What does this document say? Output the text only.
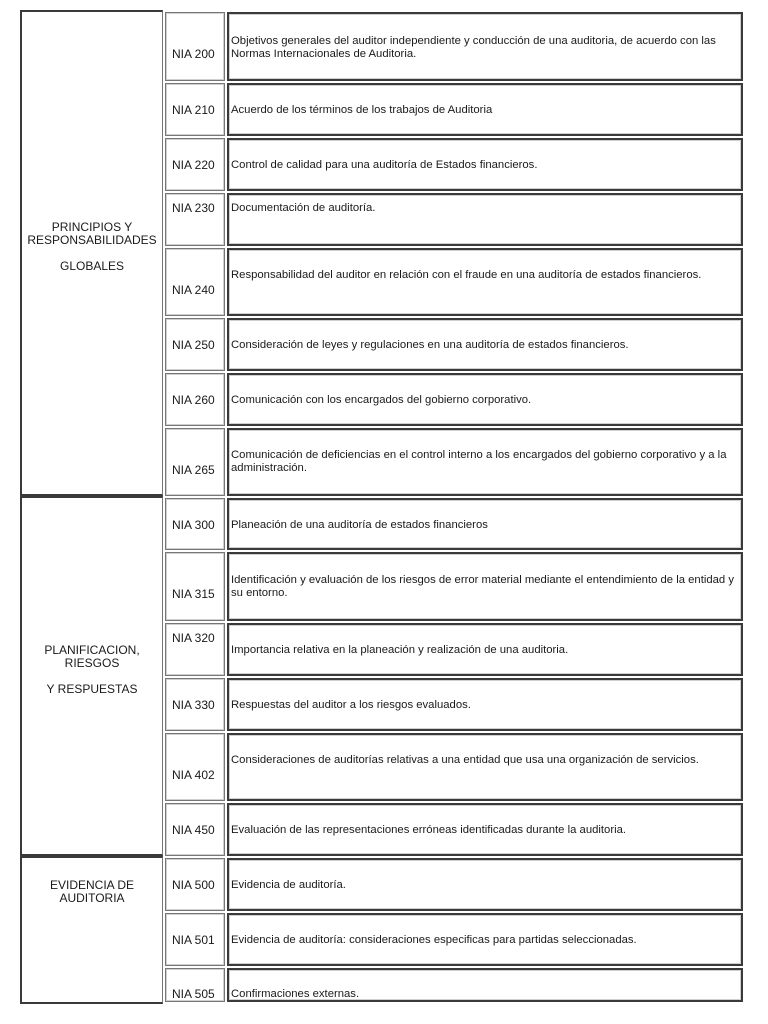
PRINCIPIOS Y
RESPONSABILIDADES
GLOBALES
PLANIFICACION,
RIESGOS
Y RESPUESTAS
EVIDENCIA DE
AUDITORIA
NIA 200
Objetivos generales del auditor independiente y conducción de una auditoria, de acuerdo con las Normas Internacionales de Auditoria.
NIA 210 Acuerdo de los términos de los trabajos de Auditoria
NIA 220 Control de calidad para una auditoría de Estados financieros.
NIA 230 Documentación de auditoría.
NIA 240
Responsabilidad del auditor en relación con el fraude en una auditoría de estados financieros.
NIA 250 Consideración de leyes y regulaciones en una auditoría de estados financieros.
NIA 260 Comunicación con los encargados del gobierno corporativo.
NIA 265
Comunicación de deficiencias en el control interno a los encargados del gobierno corporativo y a la administración.
NIA 300 Planeación de una auditoría de estados financieros
NIA 315
Identificación y evaluación de los riesgos de error material mediante el entendimiento de la entidad y su entorno.
NIA 320
Importancia relativa en la planeación y realización de una auditoria.
NIA 330 Respuestas del auditor a los riesgos evaluados.
NIA 402
Consideraciones de auditorías relativas a una entidad que usa una organización de servicios.
NIA 450 Evaluación de las representaciones erróneas identificadas durante la auditoria.
NIA 500 Evidencia de auditoría.
NIA 501 Evidencia de auditoría: consideraciones especificas para partidas seleccionadas.
NIA 505 Confirmaciones externas.
